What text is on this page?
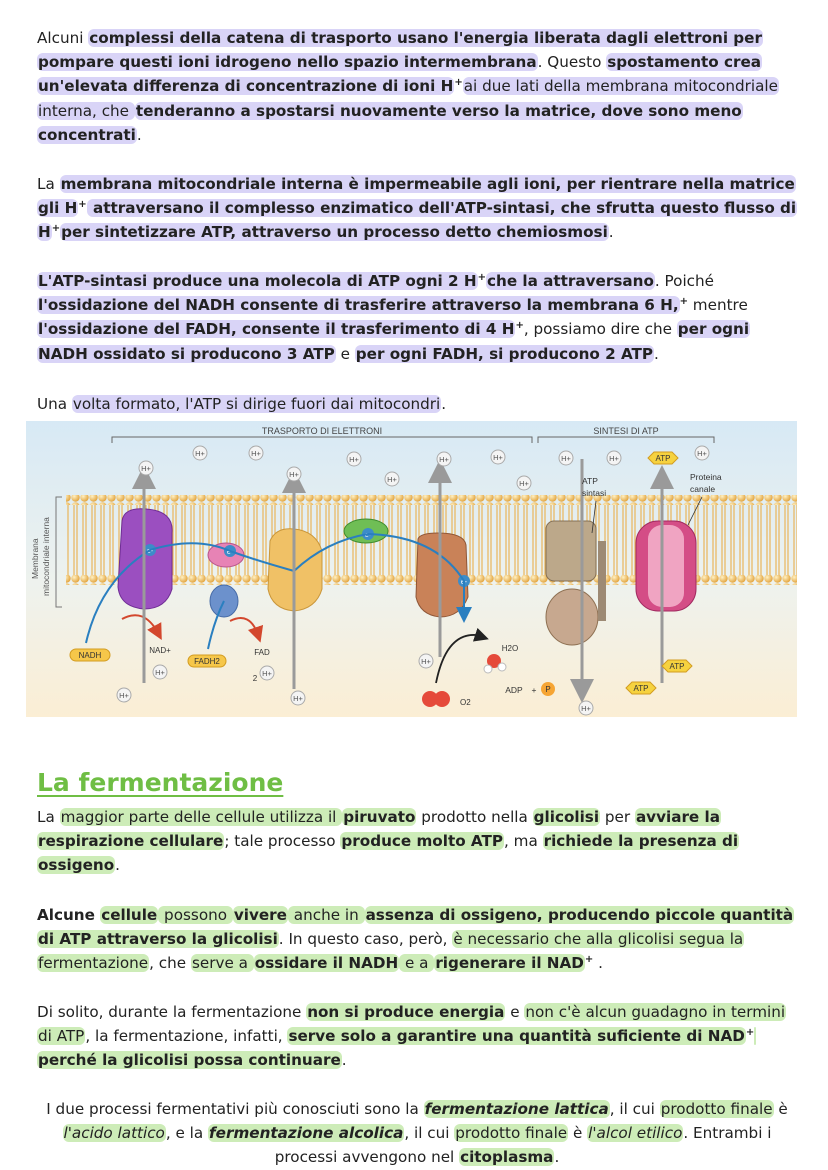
Alcuni complessi della catena di trasporto usano l'energia liberata dagli elettroni per pompare questi ioni idrogeno nello spazio intermembrana. Questo spostamento crea un'elevata differenza di concentrazione di ioni H+ai due lati della membrana mitocondriale interna, che tenderanno a spostarsi nuovamente verso la matrice, dove sono meno concentrati.
La membrana mitocondriale interna è impermeabile agli ioni, per rientrare nella matrice gli H+ attraversano il complesso enzimatico dell'ATP-sintasi, che sfrutta questo flusso di H+per sintetizzare ATP, attraverso un processo detto chemiosmosi.
L'ATP-sintasi produce una molecola di ATP ogni 2 H+che la attraversano. Poiché l'ossidazione del NADH consente di trasferire attraverso la membrana 6 H,+ mentre l'ossidazione del FADH, consente il trasferimento di 4 H+, possiamo dire che per ogni NADH ossidato si producono 3 ATP e per ogni FADH, si producono 2 ATP.
Una volta formato, l'ATP si dirige fuori dai mitocondri.
TRASPORTO DI ELETTRONI	SINTESI DI ATP
Membrana mitocondriale interna	e-	e-
e-
e-
H+
H+	H+
H+
H+
H+
H+	H+
H+
H+	H+
H+
H+	H+
H+	H+
H+
H+
NADH
NAD+
FADH2
FAD
2
H2O
O2
ADP + P
ATP
ATP
ATP
ATP
sintasi
Proteina
canale
La fermentazione
La maggior parte delle cellule utilizza il piruvato prodotto nella glicolisi per avviare la respirazione cellulare; tale processo produce molto ATP, ma richiede la presenza di ossigeno.
Alcune cellule possono vivere anche in assenza di ossigeno, producendo piccole quantità di ATP attraverso la glicolisi. In questo caso, però, è necessario che alla glicolisi segua la fermentazione, che serve a ossidare il NADH e a rigenerare il NAD+ .
Di solito, durante la fermentazione non si produce energia e non c'è alcun guadagno in termini di ATP, la fermentazione, infatti, serve solo a garantire una quantità suficiente di NAD+ perché la glicolisi possa continuare.
I due processi fermentativi più conosciuti sono la fermentazione lattica, il cui prodotto finale è l'acido lattico, e la fermentazione alcolica, il cui prodotto finale è l'alcol etilico. Entrambi i processi avvengono nel citoplasma.
